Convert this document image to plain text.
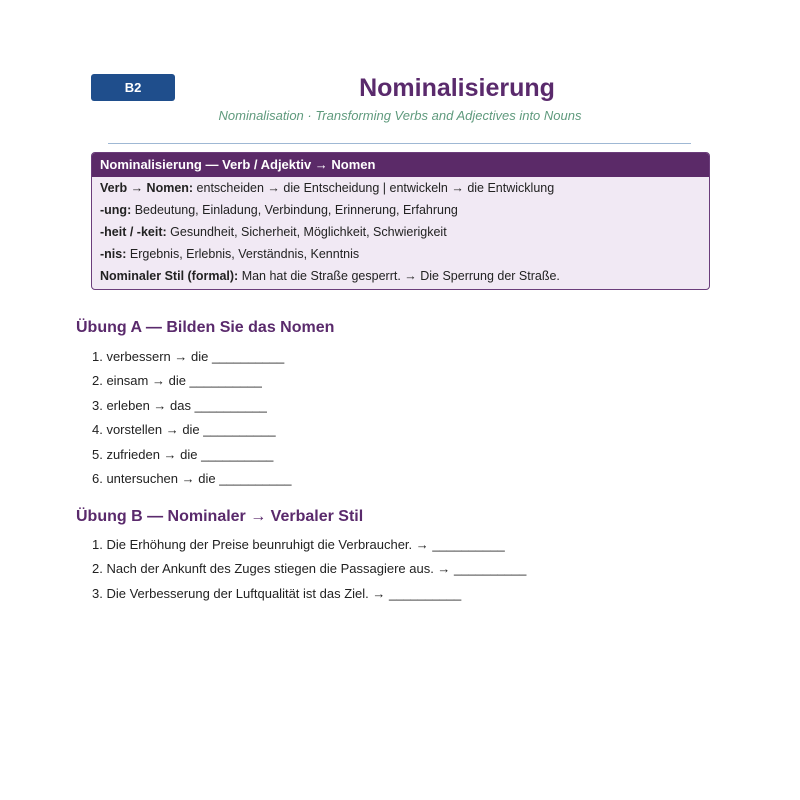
B2	Nominalisierung

Nominalisation · Transforming Verbs and Adjectives into Nouns

Nominalisierung — Verb / Adjektiv → Nomen
Verb → Nomen: entscheiden → die Entscheidung | entwickeln → die Entwicklung
-ung: Bedeutung, Einladung, Verbindung, Erinnerung, Erfahrung
-heit / -keit: Gesundheit, Sicherheit, Möglichkeit, Schwierigkeit
-nis: Ergebnis, Erlebnis, Verständnis, Kenntnis
Nominaler Stil (formal): Man hat die Straße gesperrt. → Die Sperrung der Straße.
Übung A — Bilden Sie das Nomen
1. verbessern → die __________
2. einsam → die __________
3. erleben → das __________
4. vorstellen → die __________
5. zufrieden → die __________
6. untersuchen → die __________
Übung B — Nominaler → Verbaler Stil
1. Die Erhöhung der Preise beunruhigt die Verbraucher. → __________
2. Nach der Ankunft des Zuges stiegen die Passagiere aus. → __________
3. Die Verbesserung der Luftqualität ist das Ziel. → __________
